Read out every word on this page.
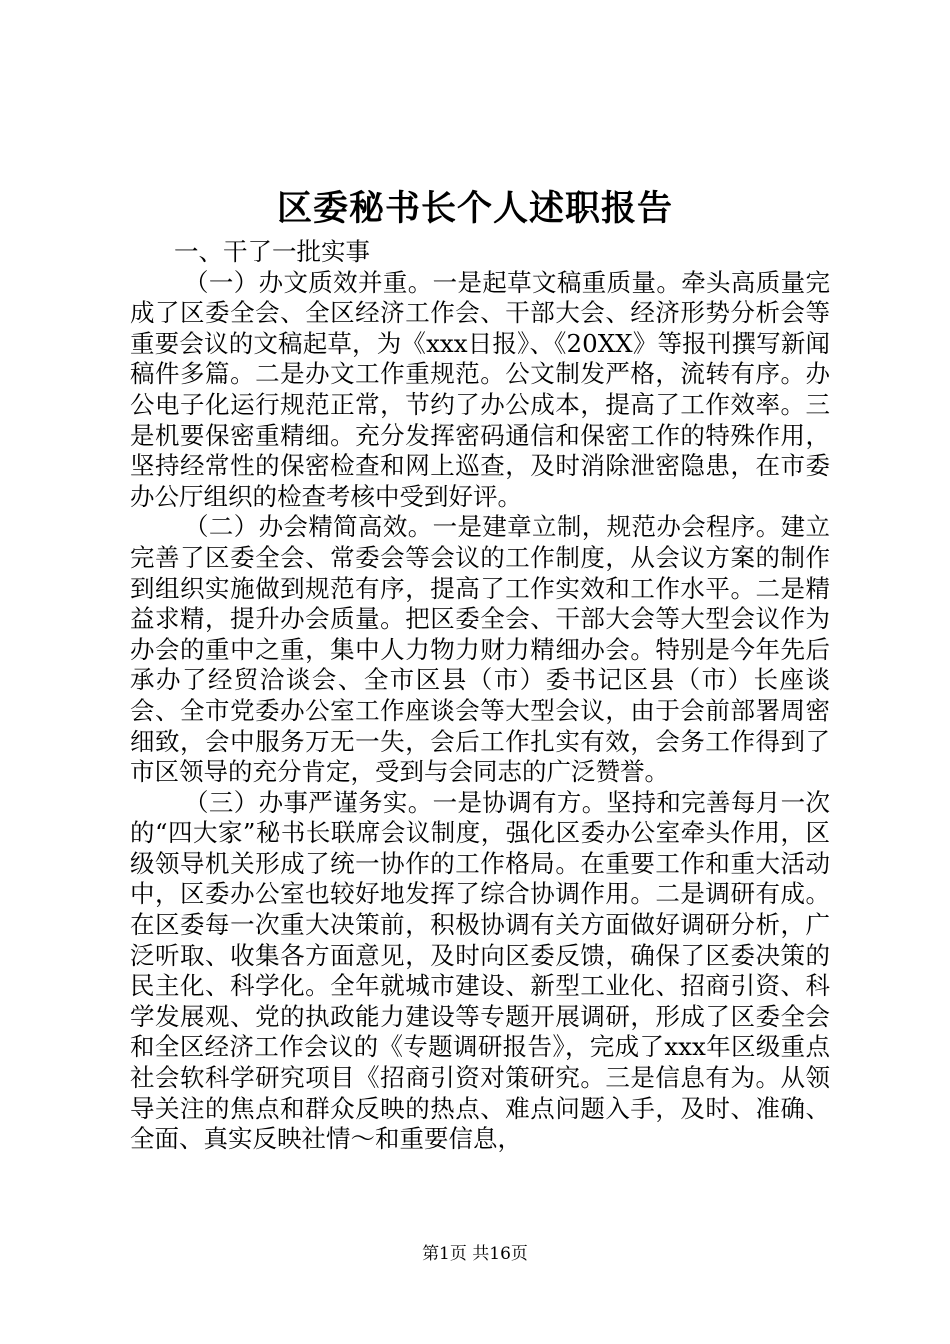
区委秘书长个人述职报告

一、干了一批实事

（一）办文质效并重。一是起草文稿重质量。牵头高质量完成了区委全会、全区经济工作会、干部大会、经济形势分析会等重要会议的文稿起草，为《xxx日报》、《20XX》等报刊撰写新闻稿件多篇。二是办文工作重规范。公文制发严格，流转有序。办公电子化运行规范正常，节约了办公成本，提高了工作效率。三是机要保密重精细。充分发挥密码通信和保密工作的特殊作用，坚持经常性的保密检查和网上巡查，及时消除泄密隐患，在市委办公厅组织的检查考核中受到好评。

（二）办会精简高效。一是建章立制，规范办会程序。建立完善了区委全会、常委会等会议的工作制度，从会议方案的制作到组织实施做到规范有序，提高了工作实效和工作水平。二是精益求精，提升办会质量。把区委全会、干部大会等大型会议作为办会的重中之重，集中人力物力财力精细办会。特别是今年先后承办了经贸洽谈会、全市区县（市）委书记区县（市）长座谈会、全市党委办公室工作座谈会等大型会议，由于会前部署周密细致，会中服务万无一失，会后工作扎实有效，会务工作得到了市区领导的充分肯定，受到与会同志的广泛赞誉。

（三）办事严谨务实。一是协调有方。坚持和完善每月一次的“四大家”秘书长联席会议制度，强化区委办公室牵头作用，区级领导机关形成了统一协作的工作格局。在重要工作和重大活动中，区委办公室也较好地发挥了综合协调作用。二是调研有成。在区委每一次重大决策前，积极协调有关方面做好调研分析，广泛听取、收集各方面意见，及时向区委反馈，确保了区委决策的民主化、科学化。全年就城市建设、新型工业化、招商引资、科学发展观、党的执政能力建设等专题开展调研，形成了区委全会和全区经济工作会议的《专题调研报告》，完成了xxx年区级重点社会软科学研究项目《招商引资对策研究。三是信息有为。从领导关注的焦点和群众反映的热点、难点问题入手，及时、准确、全面、真实反映社情～和重要信息，

第1页 共16页
